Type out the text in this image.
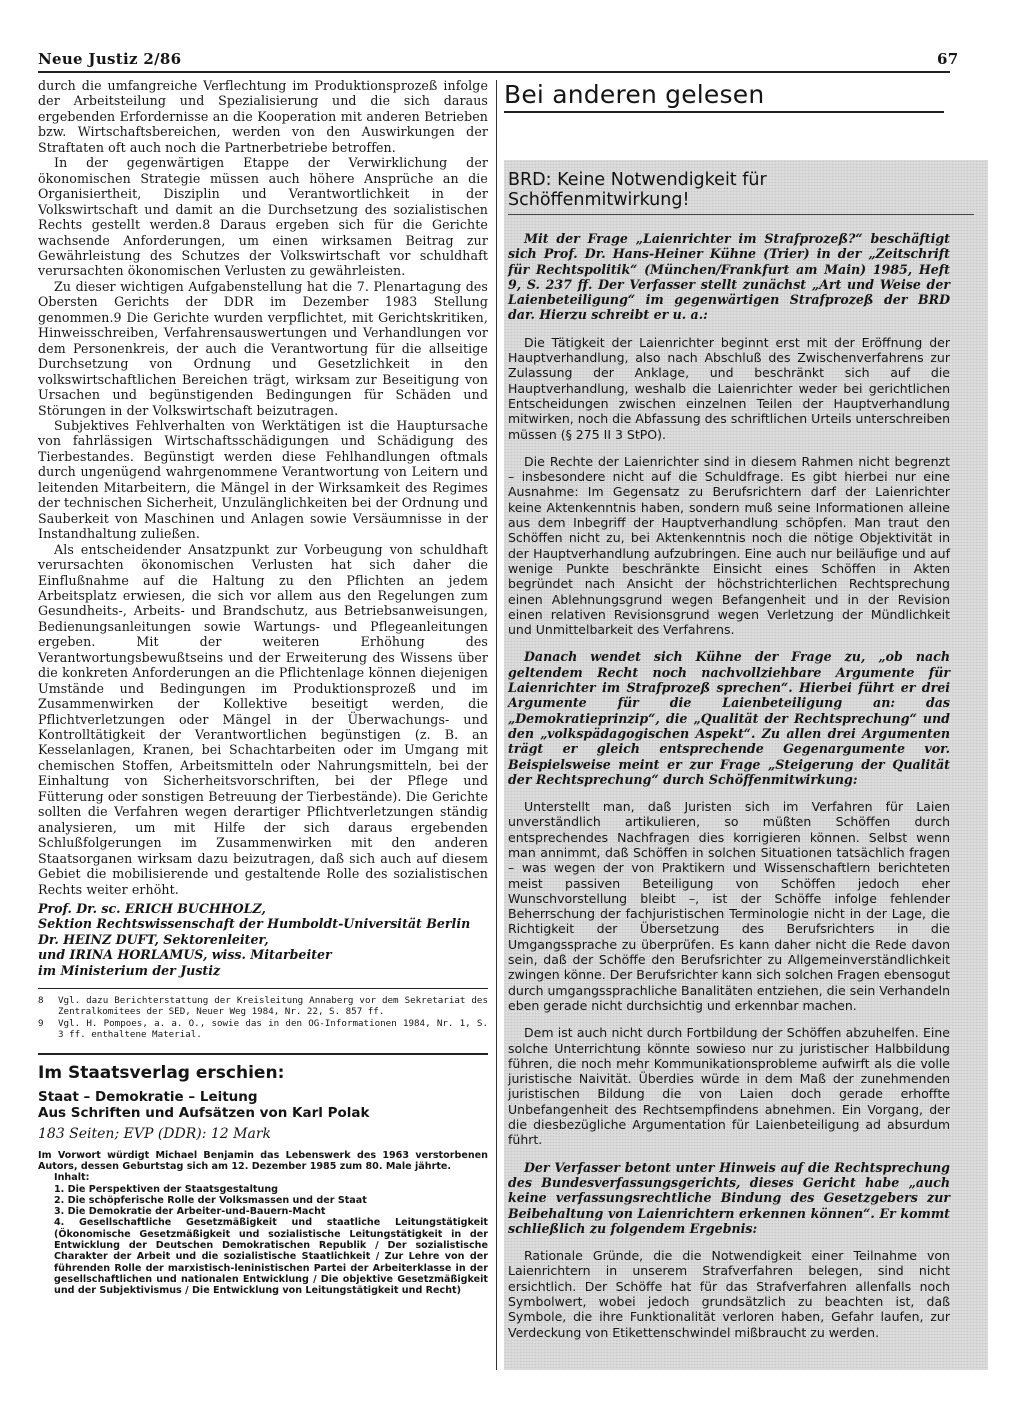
Neue Justiz 2/86	67

durch die umfangreiche Verflechtung im Produktionsprozeß infolge der Arbeitsteilung und Spezialisierung und die sich daraus ergebenden Erfordernisse an die Kooperation mit anderen Betrieben bzw. Wirtschaftsbereichen, werden von den Auswirkungen der Straftaten oft auch noch die Partnerbetriebe betroffen.

In der gegenwärtigen Etappe der Verwirklichung der ökonomischen Strategie müssen auch höhere Ansprüche an die Organisiertheit, Disziplin und Verantwortlichkeit in der Volkswirtschaft und damit an die Durchsetzung des sozialistischen Rechts gestellt werden.8 Daraus ergeben sich für die Gerichte wachsende Anforderungen, um einen wirksamen Beitrag zur Gewährleistung des Schutzes der Volkswirtschaft vor schuldhaft verursachten ökonomischen Verlusten zu gewährleisten.

Zu dieser wichtigen Aufgabenstellung hat die 7. Plenartagung des Obersten Gerichts der DDR im Dezember 1983 Stellung genommen.9 Die Gerichte wurden verpflichtet, mit Gerichtskritiken, Hinweisschreiben, Verfahrensauswertungen und Verhandlungen vor dem Personenkreis, der auch die Verantwortung für die allseitige Durchsetzung von Ordnung und Gesetzlichkeit in den volkswirtschaftlichen Bereichen trägt, wirksam zur Beseitigung von Ursachen und begünstigenden Bedingungen für Schäden und Störungen in der Volkswirtschaft beizutragen.

Subjektives Fehlverhalten von Werktätigen ist die Hauptursache von fahrlässigen Wirtschaftsschädigungen und Schädigung des Tierbestandes. Begünstigt werden diese Fehlhandlungen oftmals durch ungenügend wahrgenommene Verantwortung von Leitern und leitenden Mitarbeitern, die Mängel in der Wirksamkeit des Regimes der technischen Sicherheit, Unzulänglichkeiten bei der Ordnung und Sauberkeit von Maschinen und Anlagen sowie Versäumnisse in der Instandhaltung zuließen.

Als entscheidender Ansatzpunkt zur Vorbeugung von schuldhaft verursachten ökonomischen Verlusten hat sich daher die Einflußnahme auf die Haltung zu den Pflichten an jedem Arbeitsplatz erwiesen, die sich vor allem aus den Regelungen zum Gesundheits-, Arbeits- und Brandschutz, aus Betriebsanweisungen, Bedienungsanleitungen sowie Wartungs- und Pflegeanleitungen ergeben. Mit der weiteren Erhöhung des Verantwortungsbewußtseins und der Erweiterung des Wissens über die konkreten Anforderungen an die Pflichtenlage können diejenigen Umstände und Bedingungen im Produktionsprozeß und im Zusammenwirken der Kollektive beseitigt werden, die Pflichtverletzungen oder Mängel in der Überwachungs- und Kontrolltätigkeit der Verantwortlichen begünstigen (z. B. an Kesselanlagen, Kranen, bei Schachtarbeiten oder im Umgang mit chemischen Stoffen, Arbeitsmitteln oder Nahrungsmitteln, bei der Einhaltung von Sicherheitsvorschriften, bei der Pflege und Fütterung oder sonstigen Betreuung der Tierbestände). Die Gerichte sollten die Verfahren wegen derartiger Pflichtverletzungen ständig analysieren, um mit Hilfe der sich daraus ergebenden Schlußfolgerungen im Zusammenwirken mit den anderen Staatsorganen wirksam dazu beizutragen, daß sich auch auf diesem Gebiet die mobilisierende und gestaltende Rolle des sozialistischen Rechts weiter erhöht.

Prof. Dr. sc. ERICH BUCHHOLZ,

Sektion Rechtswissenschaft der Humboldt-Universität Berlin

Dr. HEINZ DUFT, Sektorenleiter,

und IRINA HORLAMUS, wiss. Mitarbeiter

im Ministerium der Justiz

8	Vgl. dazu Berichterstattung der Kreisleitung Annaberg vor dem Sekretariat des Zentralkomitees der SED, Neuer Weg 1984, Nr. 22, S. 857 ff.
9	Vgl. H. Pompoes, a. a. O., sowie das in den OG-Informationen 1984, Nr. 1, S. 3 ff. enthaltene Material.

Im Staatsverlag erschien:

Staat – Demokratie – Leitung

Aus Schriften und Aufsätzen von Karl Polak

183 Seiten; EVP (DDR): 12 Mark

Im Vorwort würdigt Michael Benjamin das Lebenswerk des 1963 verstorbenen Autors, dessen Geburtstag sich am 12. Dezember 1985 zum 80. Male jährte.

Inhalt:

1. Die Perspektiven der Staatsgestaltung
2. Die schöpferische Rolle der Volksmassen und der Staat
3. Die Demokratie der Arbeiter-und-Bauern-Macht
4. Gesellschaftliche Gesetzmäßigkeit und staatliche Leitungstätigkeit (Ökonomische Gesetzmäßigkeit und sozialistische Leitungstätigkeit in der Entwicklung der Deutschen Demokratischen Republik / Der sozialistische Charakter der Arbeit und die sozialistische Staatlichkeit / Zur Lehre von der führenden Rolle der marxistisch-leninistischen Partei der Arbeiterklasse in der gesellschaftlichen und nationalen Entwicklung / Die objektive Gesetzmäßigkeit und der Subjektivismus / Die Entwicklung von Leitungstätigkeit und Recht)

Bei anderen gelesen

BRD: Keine Notwendigkeit für Schöffenmitwirkung!

Mit der Frage „Laienrichter im Strafprozeß?“ beschäftigt sich Prof. Dr. Hans-Heiner Kühne (Trier) in der „Zeitschrift für Rechtspolitik“ (München/Frankfurt am Main) 1985, Heft 9, S. 237 ff. Der Verfasser stellt zunächst „Art und Weise der Laienbeteiligung“ im gegenwärtigen Strafprozeß der BRD dar. Hierzu schreibt er u. a.:

Die Tätigkeit der Laienrichter beginnt erst mit der Eröffnung der Hauptverhandlung, also nach Abschluß des Zwischenverfahrens zur Zulassung der Anklage, und beschränkt sich auf die Hauptverhandlung, weshalb die Laienrichter weder bei gerichtlichen Entscheidungen zwischen einzelnen Teilen der Hauptverhandlung mitwirken, noch die Abfassung des schriftlichen Urteils unterschreiben müssen (§ 275 II 3 StPO).

Die Rechte der Laienrichter sind in diesem Rahmen nicht begrenzt – insbesondere nicht auf die Schuldfrage. Es gibt hierbei nur eine Ausnahme: Im Gegensatz zu Berufsrichtern darf der Laienrichter keine Aktenkenntnis haben, sondern muß seine Informationen alleine aus dem Inbegriff der Hauptverhandlung schöpfen. Man traut den Schöffen nicht zu, bei Aktenkenntnis noch die nötige Objektivität in der Hauptverhandlung aufzubringen. Eine auch nur beiläufige und auf wenige Punkte beschränkte Einsicht eines Schöffen in Akten begründet nach Ansicht der höchstrichterlichen Rechtsprechung einen Ablehnungsgrund wegen Befangenheit und in der Revision einen relativen Revisionsgrund wegen Verletzung der Mündlichkeit und Unmittelbarkeit des Verfahrens.

Danach wendet sich Kühne der Frage zu, „ob nach geltendem Recht noch nachvollziehbare Argumente für Laienrichter im Strafprozeß sprechen“. Hierbei führt er drei Argumente für die Laienbeteiligung an: das „Demokratieprinzip“, die „Qualität der Rechtsprechung“ und den „volkspädagogischen Aspekt“. Zu allen drei Argumenten trägt er gleich entsprechende Gegenargumente vor. Beispielsweise meint er zur Frage „Steigerung der Qualität der Rechtsprechung“ durch Schöffenmitwirkung:

Unterstellt man, daß Juristen sich im Verfahren für Laien unverständlich artikulieren, so müßten Schöffen durch entsprechendes Nachfragen dies korrigieren können. Selbst wenn man annimmt, daß Schöffen in solchen Situationen tatsächlich fragen – was wegen der von Praktikern und Wissenschaftlern berichteten meist passiven Beteiligung von Schöffen jedoch eher Wunschvorstellung bleibt –, ist der Schöffe infolge fehlender Beherrschung der fachjuristischen Terminologie nicht in der Lage, die Richtigkeit der Übersetzung des Berufsrichters in die Umgangssprache zu überprüfen. Es kann daher nicht die Rede davon sein, daß der Schöffe den Berufsrichter zu Allgemeinverständlichkeit zwingen könne. Der Berufsrichter kann sich solchen Fragen ebensogut durch umgangssprachliche Banalitäten entziehen, die sein Verhandeln eben gerade nicht durchsichtig und erkennbar machen.

Dem ist auch nicht durch Fortbildung der Schöffen abzuhelfen. Eine solche Unterrichtung könnte sowieso nur zu juristischer Halbbildung führen, die noch mehr Kommunikationsprobleme aufwirft als die volle juristische Naivität. Überdies würde in dem Maß der zunehmenden juristischen Bildung die von Laien doch gerade erhoffte Unbefangenheit des Rechtsempfindens abnehmen. Ein Vorgang, der die diesbezügliche Argumentation für Laienbeteiligung ad absurdum führt.

Der Verfasser betont unter Hinweis auf die Rechtsprechung des Bundesverfassungsgerichts, dieses Gericht habe „auch keine verfassungsrechtliche Bindung des Gesetzgebers zur Beibehaltung von Laienrichtern erkennen können“. Er kommt schließlich zu folgendem Ergebnis:

Rationale Gründe, die die Notwendigkeit einer Teilnahme von Laienrichtern in unserem Strafverfahren belegen, sind nicht ersichtlich. Der Schöffe hat für das Strafverfahren allenfalls noch Symbolwert, wobei jedoch grundsätzlich zu beachten ist, daß Symbole, die ihre Funktionalität verloren haben, Gefahr laufen, zur Verdeckung von Etikettenschwindel mißbraucht zu werden.
